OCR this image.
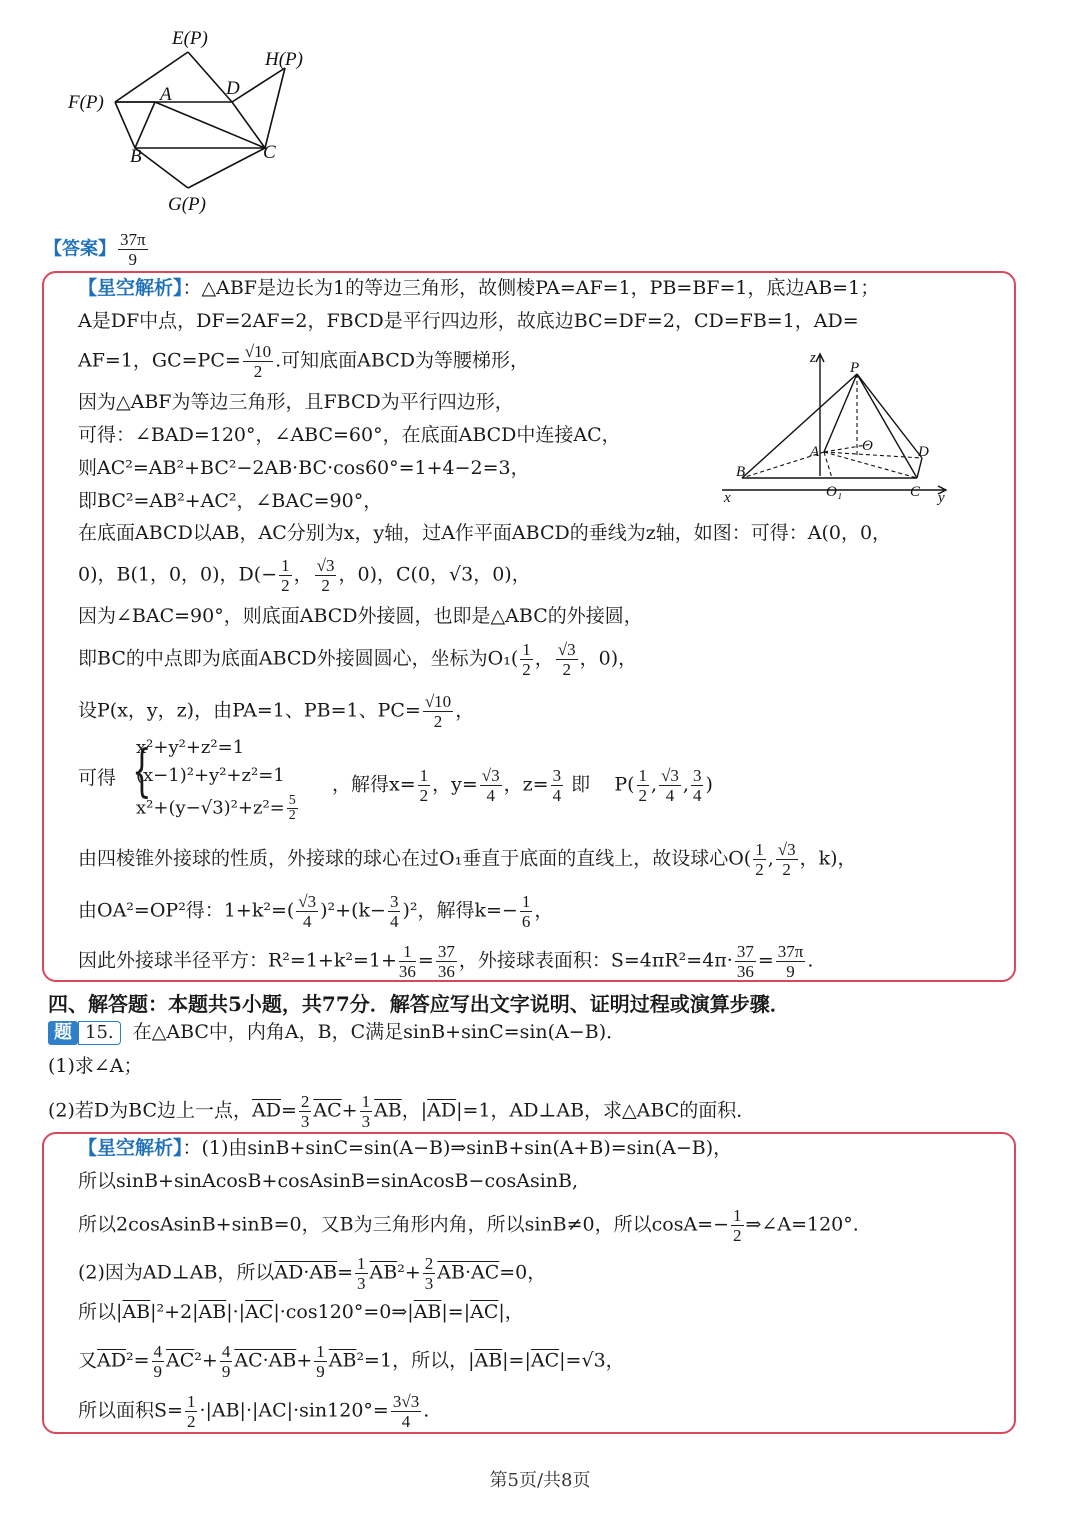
E(P)
H(P)
A	D
F(P)
B	C
G(P)
【答案】 $\frac{37\pi}{9}$
【星空解析】：△ABF是边长为1的等边三角形，故侧棱PA=AF=1，PB=BF=1，底边AB=1；
A是DF中点，DF=2AF=2，FBCD是平行四边形，故底边BC=DF=2，CD=FB=1，AD=
AF=1，$GC=PC= \frac{√10}{2}$ .可知底面ABCD为等腰梯形，
因为△ABF为等边三角形，且FBCD为平行四边形，
可得：∠BAD=120°，∠ABC=60°，在底面ABCD中连接AC，
则AC²=AB²+BC²−2AB·BC·cos60°=1+4−2=3，
即BC²=AB²+AC²，∠BAC=90°，
在底面ABCD以AB，AC分别为x，y轴，过A作平面ABCD的垂线为z轴，如图：可得：A(0，0，
0)，B(1，0，0)，$D(- \frac{1}{2}$ ， $\frac{√3}{2}$ ，0)，C(0，√3，0)，
因为∠BAC=90°，则底面ABCD外接圆，也即是△ABC的外接圆，
即BC的中点即为底面ABCD外接圆圆心，坐标为$O_1( \frac{1}{2}$ ， $\frac{√3}{2}$ ，0)，
设P(x，y，z)，由PA=1、PB=1、$PC= \frac{√10}{2}$ ，
可得 {
x²+y²+z²=1
(x−1)²+y²+z²=1
$x^2+(y-√3)^2+z^2= \frac{5}{2}$
，解得$x= \frac{1}{2}$ ，$y= \frac{√3}{4}$ ，$z= \frac{3}{4}$ 即 $P( \frac{1}{2}$ , $\frac{√3}{4}$ , $\frac{3}{4}$ )
由四棱锥外接球的性质，外接球的球心在过O₁垂直于底面的直线上，故设球心$O( \frac{1}{2}$ , $\frac{√3}{2}$ ，k)，
由OA²=OP²得：$1+k^2=( \frac{√3}{4} )^2+(k- \frac{3}{4} )^2$，解得$k=- \frac{1}{6}$ ，
因此外接球半径平方：$R^2=1+k^2=1+ \frac{1}{36} = \frac{37}{36}$ ，外接球表面积：$S=4\pi R^2=4\pi\cdot \frac{37}{36} = \frac{37\pi}{9}$ .
z
P
O
A	D
B
x	O₁	C y
四、解答题：本题共5小题，共77分．解答应写出文字说明、证明过程或演算步骤．
题 15. 在△ABC中，内角A，B，C满足sinB+sinC=sin(A−B)．
(1)求∠A；
(2)若D为BC边上一点，$\overline{AD}= \frac{2}{3} \overline{AC}+ \frac{1}{3} \overline{AB}$，$|\overline{AD}|=1$，AD⊥AB，求△ABC的面积．
【星空解析】：(1)由sinB+sinC=sin(A−B)⇒sinB+sin(A+B)=sin(A−B)，
所以sinB+sinAcosB+cosAsinB=sinAcosB−cosAsinB,
所以2cosAsinB+sinB=0，又B为三角形内角，所以sinB≠0，所以$\cos A=- \frac{1}{2}$ ⇒∠A=120°.
(2)因为AD⊥AB，所以$AD\cdot AB= \frac{1}{3} \overline{AB}^2+ \frac{2}{3} AB\cdot AC=0$，
所以$|\overline{AB}|^2+2|\overline{AB}|\cdot|\overline{AC}|\cdot\cos 120^\circ=0\Rightarrow|\overline{AB}|=|\overline{AC}|$，
又$\overline{AD}^2= \frac{4}{9} \overline{AC}^2+ \frac{4}{9} AC\cdot AB+ \frac{1}{9} \overline{AB}^2=1$，所以，$|\overline{AB}|=|\overline{AC}|=√3$，
所以面积$S= \frac{1}{2} \cdot|AB|\cdot|AC|\cdot\sin 120^\circ= \frac{3√3}{4}$ .
第5页/共8页
